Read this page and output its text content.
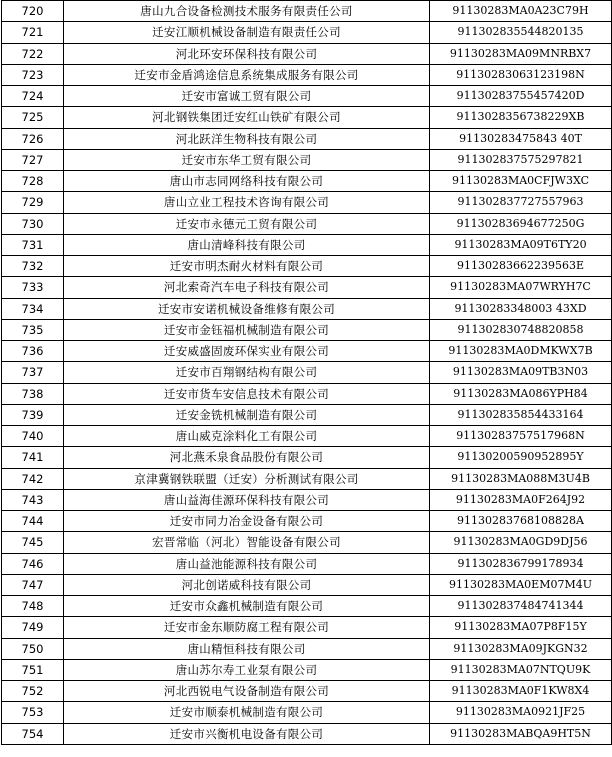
720	唐山九合设备检测技术服务有限责任公司	91130283MA0A23C79H
721	迁安江顺机械设备制造有限责任公司	911302835544820135
722	河北环安环保科技有限公司	91130283MA09MNRBX7
723	迁安市金盾鸿途信息系统集成服务有限公司	91130283063123198N
724	迁安市富诚工贸有限公司	91130283755457420D
725	河北钢铁集团迁安红山铁矿有限公司	9113028356738229XB
726	河北跃洋生物科技有限公司	91130283475843 40T
727	迁安市东华工贸有限公司	911302837575297821
728	唐山市志同网络科技有限公司	91130283MA0CFJW3XC
729	唐山立业工程技术咨询有限公司	911302837727557963
730	迁安市永德元工贸有限公司	91130283694677250G
731	唐山清峰科技有限公司	91130283MA09T6TY20
732	迁安市明杰耐火材料有限公司	91130283662239563E
733	河北索奇汽车电子科技有限公司	91130283MA07WRYH7C
734	迁安市安诺机械设备维修有限公司	91130283348003 43XD
735	迁安市金钰福机械制造有限公司	911302830748820858
736	迁安威盛固废环保实业有限公司	91130283MA0DMKWX7B
737	迁安市百翔钢结构有限公司	91130283MA09TB3N03
738	迁安市货车安信息技术有限公司	91130283MA086YPH84
739	迁安金铣机械制造有限公司	911302835854433164
740	唐山威克涂料化工有限公司	91130283757517968N
741	河北燕禾泉食品股份有限公司	91130200590952895Y
742	京津冀钢铁联盟（迁安）分析测试有限公司	91130283MA088M3U4B
743	唐山益海佳源环保科技有限公司	91130283MA0F264J92
744	迁安市同力冶金设备有限公司	91130283768108828A
745	宏晋常临（河北）智能设备有限公司	91130283MA0GD9DJ56
746	唐山益池能源科技有限公司	911302836799178934
747	河北创诺威科技有限公司	91130283MA0EM07M4U
748	迁安市众鑫机械制造有限公司	911302837484741344
749	迁安市金东顺防腐工程有限公司	91130283MA07P8F15Y
750	唐山精恒科技有限公司	91130283MA09JKGN32
751	唐山苏尔寿工业泵有限公司	91130283MA07NTQU9K
752	河北西锐电气设备制造有限公司	91130283MA0F1KW8X4
753	迁安市顺泰机械制造有限公司	91130283MA0921JF25
754	迁安市兴衡机电设备有限公司	91130283MABQA9HT5N
